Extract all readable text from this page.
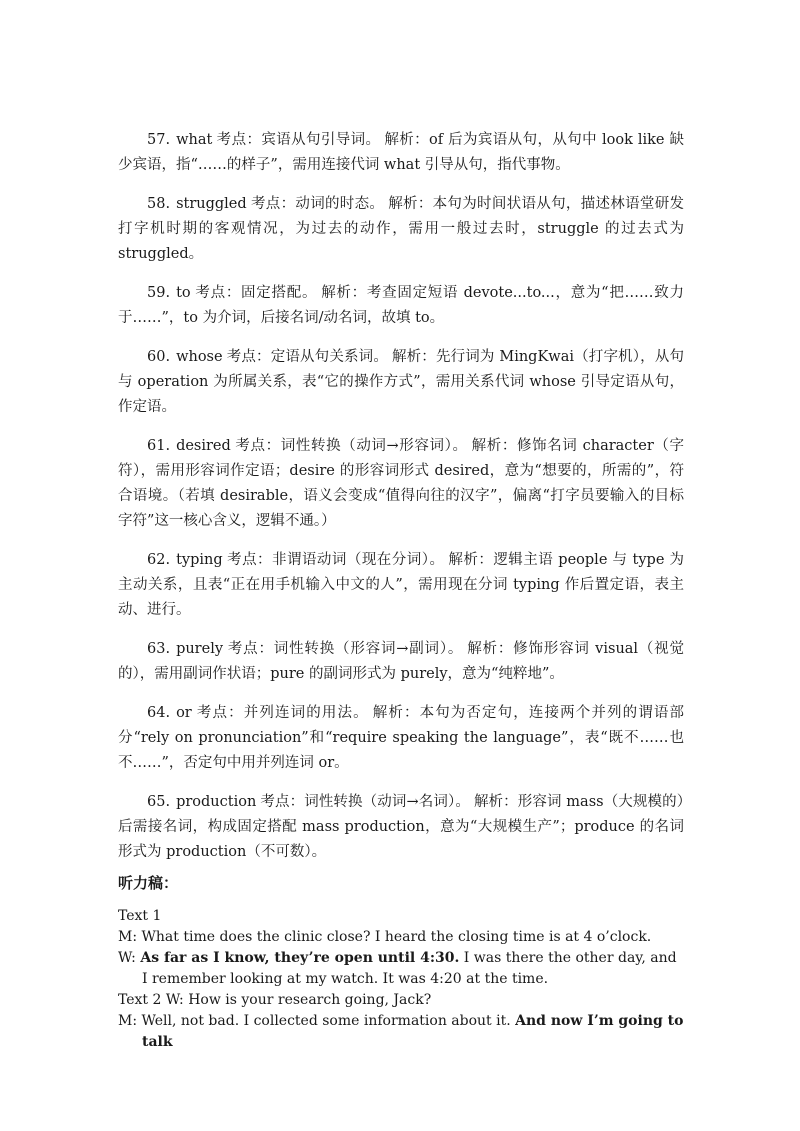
57. what 考点：宾语从句引导词。 解析：of 后为宾语从句，从句中 look like 缺少宾语，指“……的样子”，需用连接代词 what 引导从句，指代事物。

58. struggled 考点：动词的时态。 解析：本句为时间状语从句，描述林语堂研发打字机时期的客观情况，为过去的动作，需用一般过去时，struggle 的过去式为 struggled。

59. to 考点：固定搭配。 解析：考查固定短语 devote...to...，意为“把……致力于……”，to 为介词，后接名词/动名词，故填 to。

60. whose 考点：定语从句关系词。 解析：先行词为 MingKwai（打字机），从句与 operation 为所属关系，表“它的操作方式”，需用关系代词 whose 引导定语从句，作定语。

61. desired 考点：词性转换（动词→形容词）。 解析：修饰名词 character（字符），需用形容词作定语；desire 的形容词形式 desired，意为“想要的，所需的”，符合语境。（若填 desirable，语义会变成“值得向往的汉字”，偏离“打字员要输入的目标字符”这一核心含义，逻辑不通。）

62. typing 考点：非谓语动词（现在分词）。 解析：逻辑主语 people 与 type 为主动关系，且表“正在用手机输入中文的人”，需用现在分词 typing 作后置定语，表主动、进行。

63. purely 考点：词性转换（形容词→副词）。 解析：修饰形容词 visual（视觉的），需用副词作状语；pure 的副词形式为 purely，意为“纯粹地”。

64. or 考点：并列连词的用法。 解析：本句为否定句，连接两个并列的谓语部分“rely on pronunciation”和“require speaking the language”，表“既不……也不……”，否定句中用并列连词 or。

65. production 考点：词性转换（动词→名词）。 解析：形容词 mass（大规模的）后需接名词，构成固定搭配 mass production，意为“大规模生产”；produce 的名词形式为 production（不可数）。

听力稿：

Text 1

M: What time does the clinic close? I heard the closing time is at 4 o’clock.

W: As far as I know, they’re open until 4:30. I was there the other day, and I remember looking at my watch. It was 4:20 at the time.

Text 2 W: How is your research going, Jack?

M: Well, not bad. I collected some information about it. And now I’m going to talk
